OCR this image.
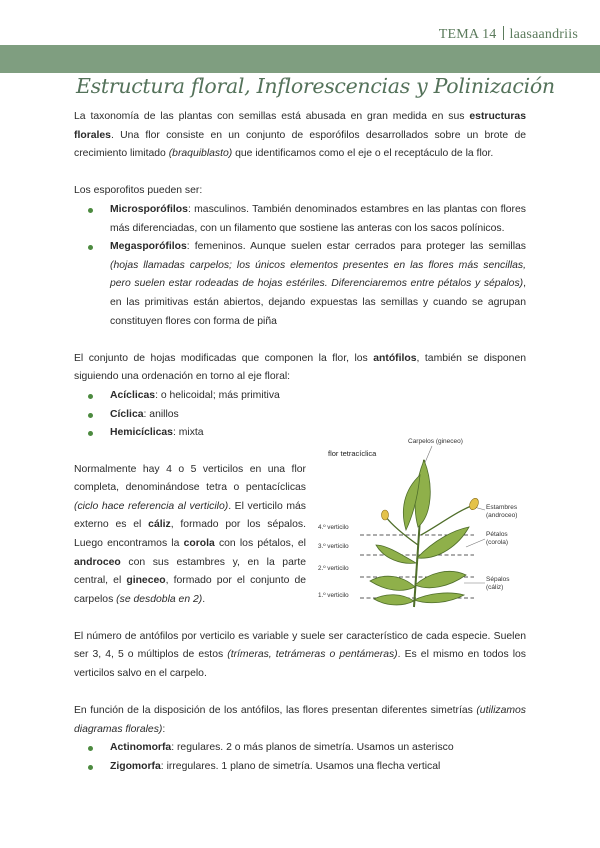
TEMA 14 laasaandriis
Estructura floral, Inflorescencias y Polinización

La taxonomía de las plantas con semillas está abusada en gran medida en sus estructuras florales. Una flor consiste en un conjunto de esporófilos desarrollados sobre un brote de crecimiento limitado (braquiblasto) que identificamos como el eje o el receptáculo de la flor.

Los esporofitos pueden ser:

Microsporófilos: masculinos. También denominados estambres en las plantas con flores más diferenciadas, con un filamento que sostiene las anteras con los sacos polínicos.
Megasporófilos: femeninos. Aunque suelen estar cerrados para proteger las semillas (hojas llamadas carpelos; los únicos elementos presentes en las flores más sencillas, pero suelen estar rodeadas de hojas estériles. Diferenciaremos entre pétalos y sépalos), en las primitivas están abiertos, dejando expuestas las semillas y cuando se agrupan constituyen flores con forma de piña

El conjunto de hojas modificadas que componen la flor, los antófilos, también se disponen siguiendo una ordenación en torno al eje floral:

Acíclicas: o helicoidal; más primitiva
Cíclica: anillos
Hemicíclicas: mixta

Normalmente hay 4 o 5 verticilos en una flor completa, denominándose tetra o pentacíclicas (ciclo hace referencia al verticilo). El verticilo más externo es el cáliz, formado por los sépalos. Luego encontramos la corola con los pétalos, el androceo con sus estambres y, en la parte central, el gineceo, formado por el conjunto de carpelos (se desdobla en 2).

flor tetracíclica
Carpelos (gineceo)
Estambres
(androceo)
Pétalos
(corola)
Sépalos
(cáliz)
4.º verticilo
3.º verticilo
2.º verticilo
1.º verticilo

El número de antófilos por verticilo es variable y suele ser característico de cada especie. Suelen ser 3, 4, 5 o múltiplos de estos (trímeras, tetrámeras o pentámeras). Es el mismo en todos los verticilos salvo en el carpelo.

En función de la disposición de los antófilos, las flores presentan diferentes simetrías (utilizamos diagramas florales):

Actinomorfa: regulares. 2 o más planos de simetría. Usamos un asterisco
Zigomorfa: irregulares. 1 plano de simetría. Usamos una flecha vertical
